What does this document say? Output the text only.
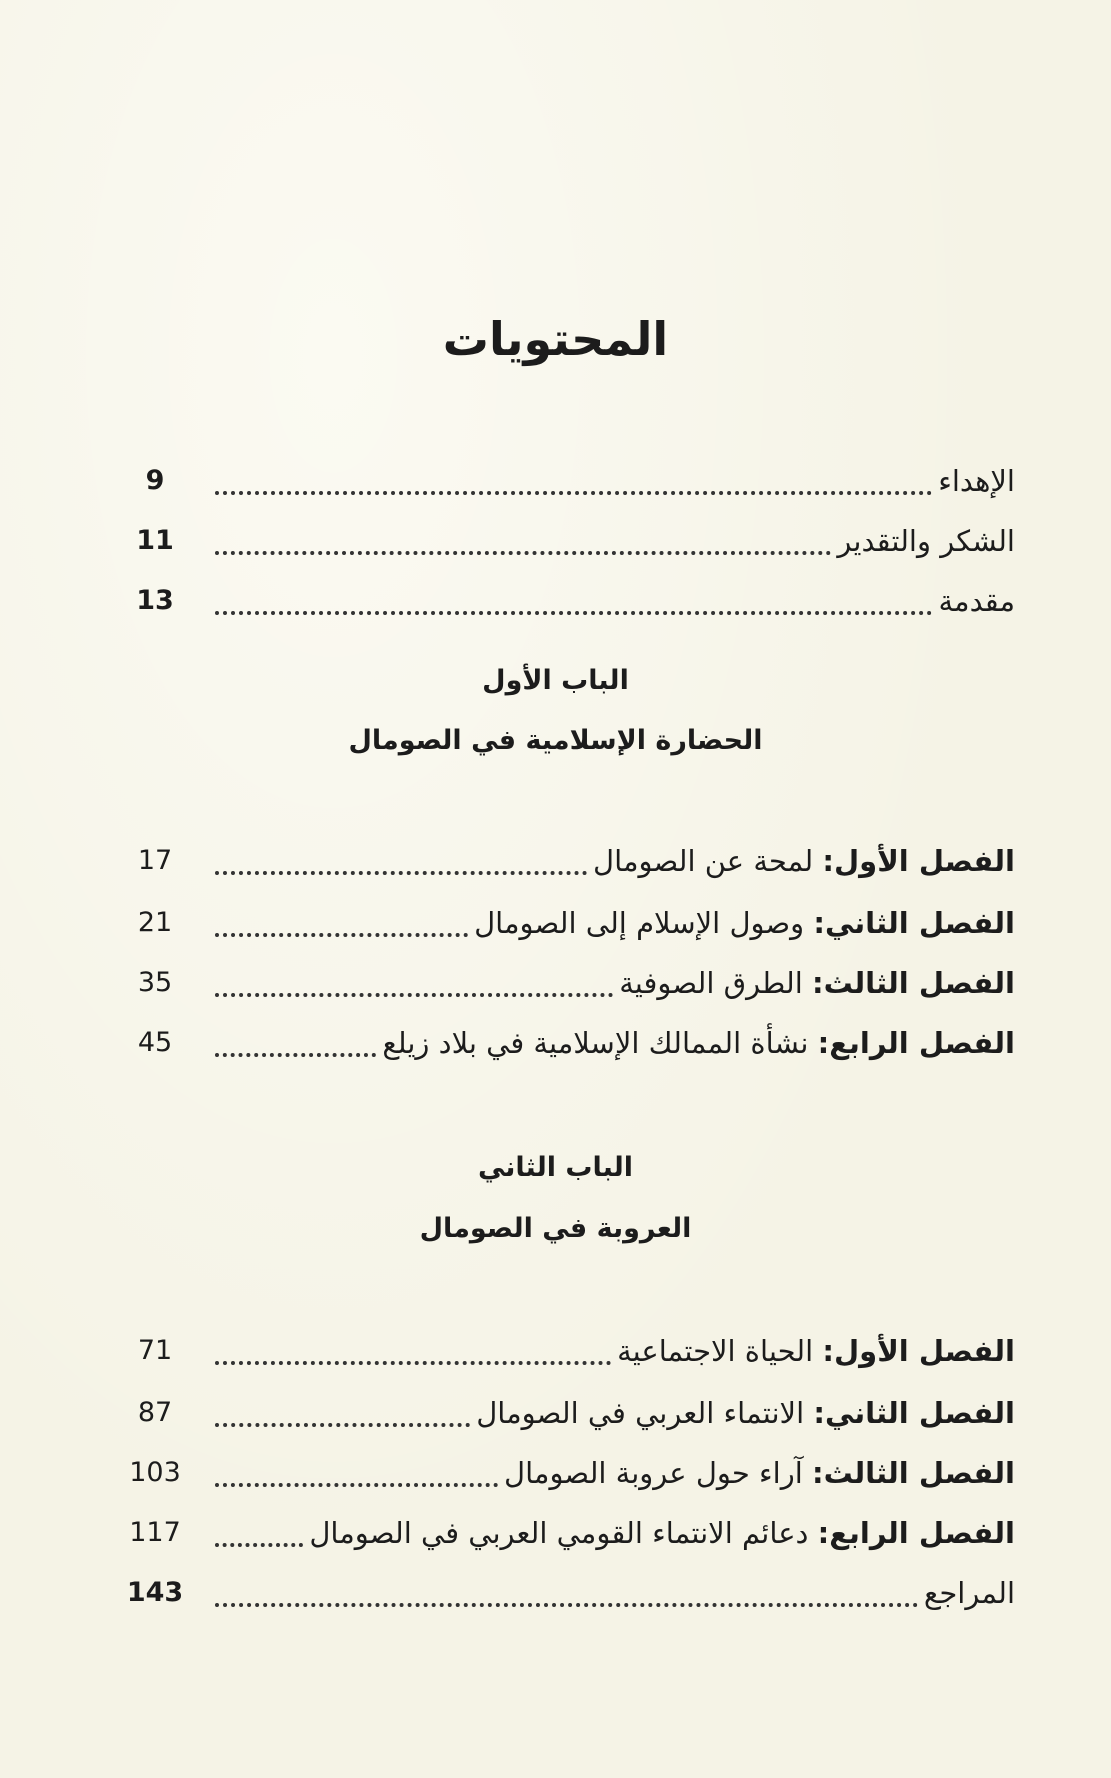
المحتويات
الإهداء
9
الشكر والتقدير
11
مقدمة
13
الباب الأول
الحضارة الإسلامية في الصومال
الفصل الأول: لمحة عن الصومال
17
الفصل الثاني: وصول الإسلام إلى الصومال
21
الفصل الثالث: الطرق الصوفية
35
الفصل الرابع: نشأة الممالك الإسلامية في بلاد زيلع
45
الباب الثاني
العروبة في الصومال
الفصل الأول: الحياة الاجتماعية
71
الفصل الثاني: الانتماء العربي في الصومال
87
الفصل الثالث: آراء حول عروبة الصومال
103
الفصل الرابع: دعائم الانتماء القومي العربي في الصومال
117
المراجع
143
